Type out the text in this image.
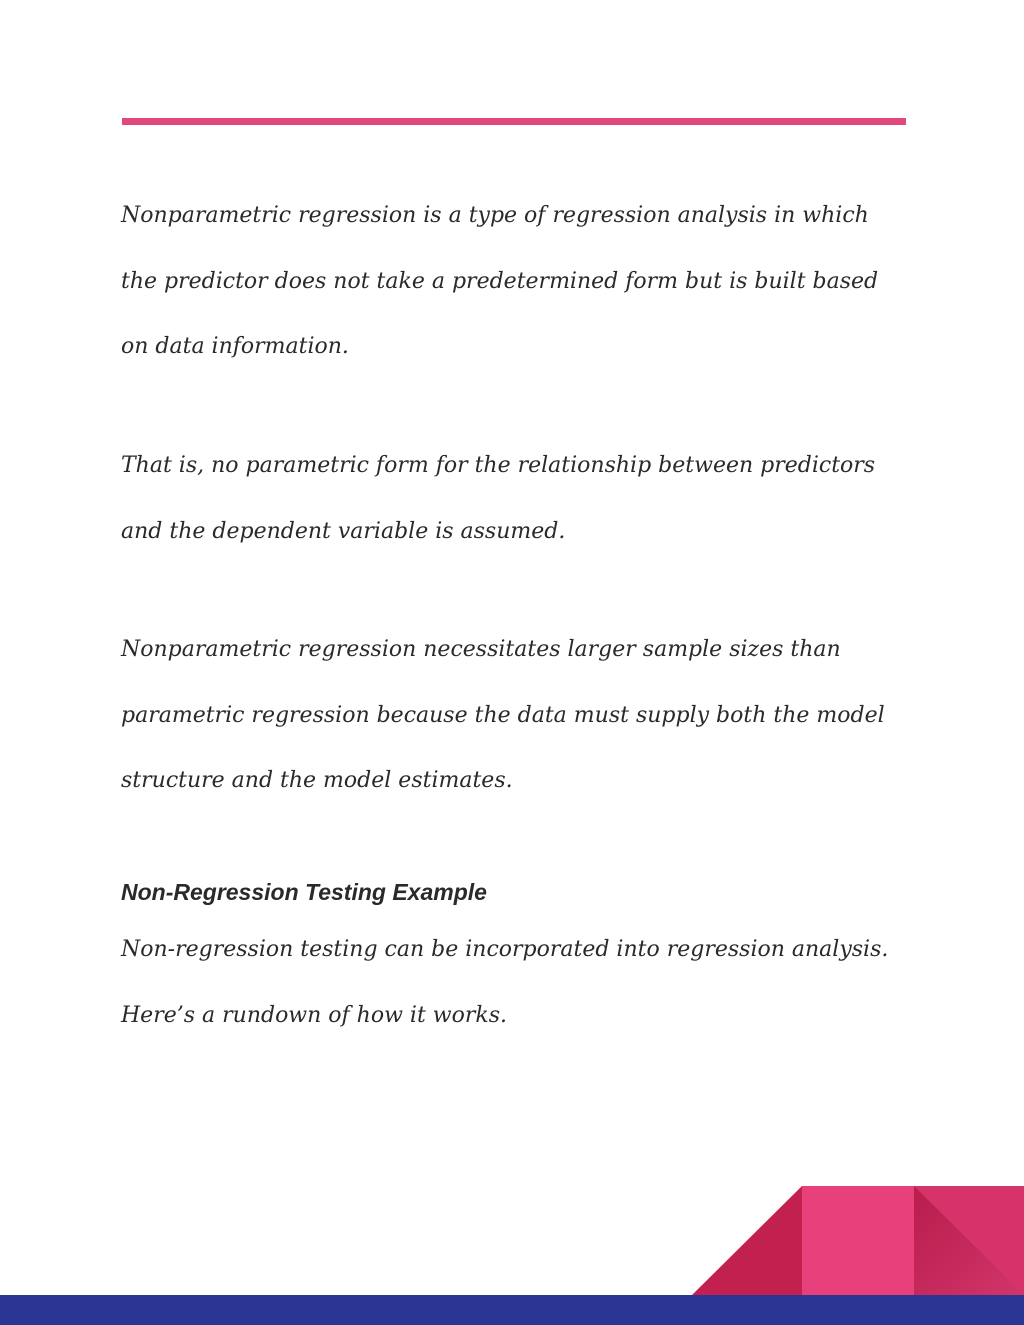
Nonparametric regression is a type of regression analysis in which
the predictor does not take a predetermined form but is built based
on data information.

That is, no parametric form for the relationship between predictors
and the dependent variable is assumed.

Nonparametric regression necessitates larger sample sizes than
parametric regression because the data must supply both the model
structure and the model estimates.

Non-Regression Testing Example

Non-regression testing can be incorporated into regression analysis.
Here’s a rundown of how it works.
